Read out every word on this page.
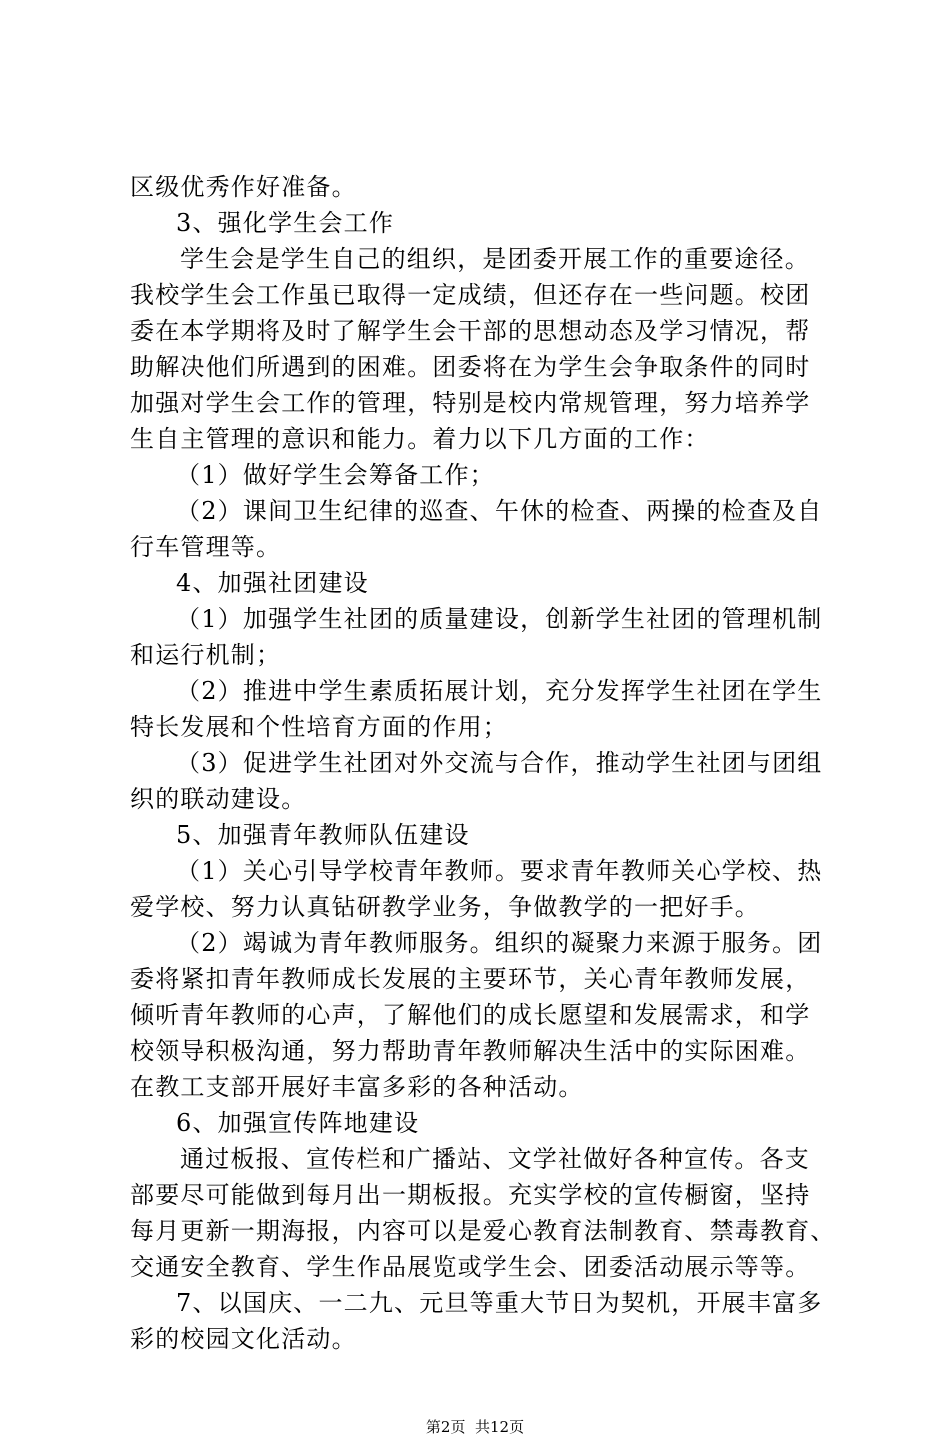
区级优秀作好准备。
3、强化学生会工作
学生会是学生自己的组织，是团委开展工作的重要途径。
我校学生会工作虽已取得一定成绩，但还存在一些问题。校团
委在本学期将及时了解学生会干部的思想动态及学习情况，帮
助解决他们所遇到的困难。团委将在为学生会争取条件的同时
加强对学生会工作的管理，特别是校内常规管理，努力培养学
生自主管理的意识和能力。着力以下几方面的工作：
（1）做好学生会筹备工作；
（2）课间卫生纪律的巡查、午休的检查、两操的检查及自
行车管理等。
4、加强社团建设
（1）加强学生社团的质量建设，创新学生社团的管理机制
和运行机制；
（2）推进中学生素质拓展计划，充分发挥学生社团在学生
特长发展和个性培育方面的作用；
（3）促进学生社团对外交流与合作，推动学生社团与团组
织的联动建设。
5、加强青年教师队伍建设
（1）关心引导学校青年教师。要求青年教师关心学校、热
爱学校、努力认真钻研教学业务，争做教学的一把好手。
（2）竭诚为青年教师服务。组织的凝聚力来源于服务。团
委将紧扣青年教师成长发展的主要环节，关心青年教师发展，
倾听青年教师的心声，了解他们的成长愿望和发展需求，和学
校领导积极沟通，努力帮助青年教师解决生活中的实际困难。
在教工支部开展好丰富多彩的各种活动。
6、加强宣传阵地建设
通过板报、宣传栏和广播站、文学社做好各种宣传。各支
部要尽可能做到每月出一期板报。充实学校的宣传橱窗，坚持
每月更新一期海报，内容可以是爱心教育法制教育、禁毒教育、
交通安全教育、学生作品展览或学生会、团委活动展示等等。
7、以国庆、一二九、元旦等重大节日为契机，开展丰富多
彩的校园文化活动。
第2页  共12页
